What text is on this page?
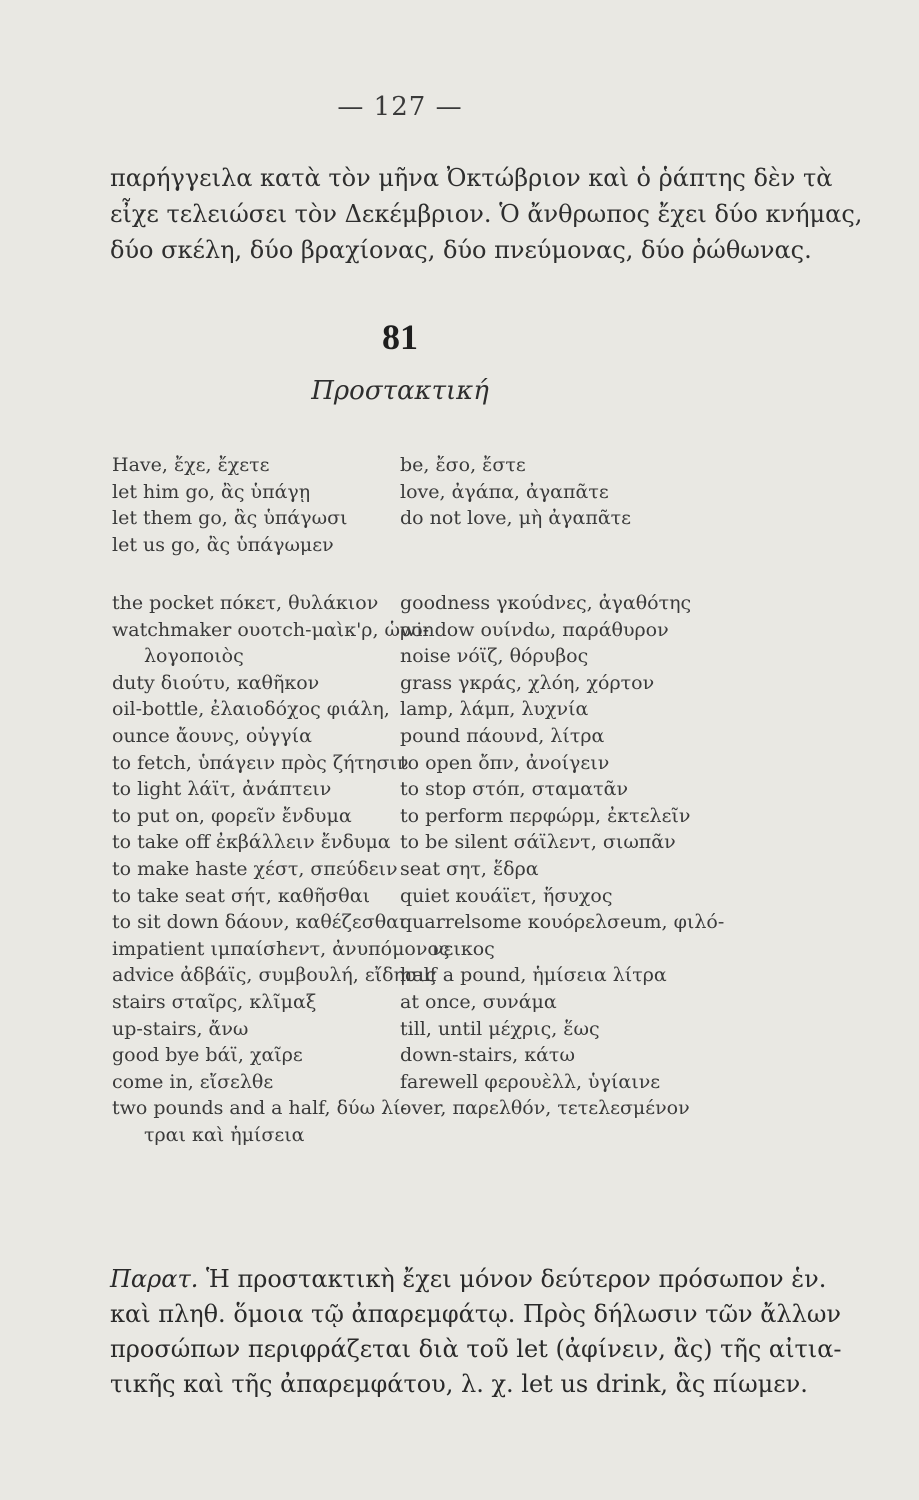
— 127 —

παρήγγειλα κατὰ τὸν μῆνα Ὀκτώβριον καὶ ὁ ῥάπτης δὲν τὰ

εἶχε τελειώσει τὸν Δεκέμβριον. Ὁ ἄνθρωπος ἔχει δύο κνήμας,

δύο σκέλη, δύο βραχίονας, δύο πνεύμονας, δύο ῥώθωνας.

81
Προστακτική
Have, ἔχε, ἔχετε
let him go, ἂς ὑπάγῃ
let them go, ἂς ὑπάγωσι
let us go, ἂς ὑπάγωμεν
the pocket πόκετ, θυλάκιον
watchmaker ουοτch-μαὶκ'ρ, ὡρο-
λογοποιὸς
duty διούτυ, καθῆκον
oil-bottle, ἐλαιοδόχος φιάλη,
ounce ἄουνς, οὐγγία
to fetch, ὑπάγειν πρὸς ζήτησιν
to light λάϊτ, ἀνάπτειν
to put on, φορεῖν ἔνδυμα
to take off ἐκβάλλειν ἔνδυμα
to make haste χέστ, σπεύδειν
to take seat σήτ, καθῆσθαι
to sit down δάουν, καθέζεσθαι
impatient ιμπαίσhεντ, ἀνυπόμονος
advice ἀδβάϊς, συμβουλή, εἴδησις
stairs σταῖρς, κλῖμαξ
up-stairs, ἄνω
good bye bάϊ, χαῖρε
come in, εἴσελθε
two pounds and a half, δύω λί-
τραι καὶ ἡμίσεια
be, ἔσο, ἔστε
love, ἀγάπα, ἀγαπᾶτε
do not love, μὴ ἀγαπᾶτε
goodness γκούdνες, ἀγαθότης
window ουίνdω, παράθυρον
noise νόϊζ, θόρυβος
grass γκράς, χλόη, χόρτον
lamp, λάμπ, λυχνία
pound πάουνd, λίτρα
to open ὄπν, ἀνοίγειν
to stop στόπ, σταματᾶν
to perform περφώρμ, ἐκτελεῖν
to be silent σάϊλεντ, σιωπᾶν
seat σητ, ἕδρα
quiet κουάϊετ, ἥσυχος
quarrelsome κουόρελσeum, φιλό-
νεικος
half a pound, ἡμίσεια λίτρα
at once, συνάμα
till, until μέχρις, ἕως
down-stairs, κάτω
farewell φερουὲλλ, ὑγίαινε
over, παρελθόν, τετελεσμένον

Παρατ. Ἡ προστακτικὴ ἔχει μόνον δεύτερον πρόσωπον ἑν.

καὶ πληθ. ὅμοια τῷ ἀπαρεμφάτῳ. Πρὸς δήλωσιν τῶν ἄλλων

προσώπων περιφράζεται διὰ τοῦ let (ἀφίνειν, ἂς) τῆς αἰτια-

τικῆς καὶ τῆς ἀπαρεμφάτου, λ. χ. let us drink, ἂς πίωμεν.
